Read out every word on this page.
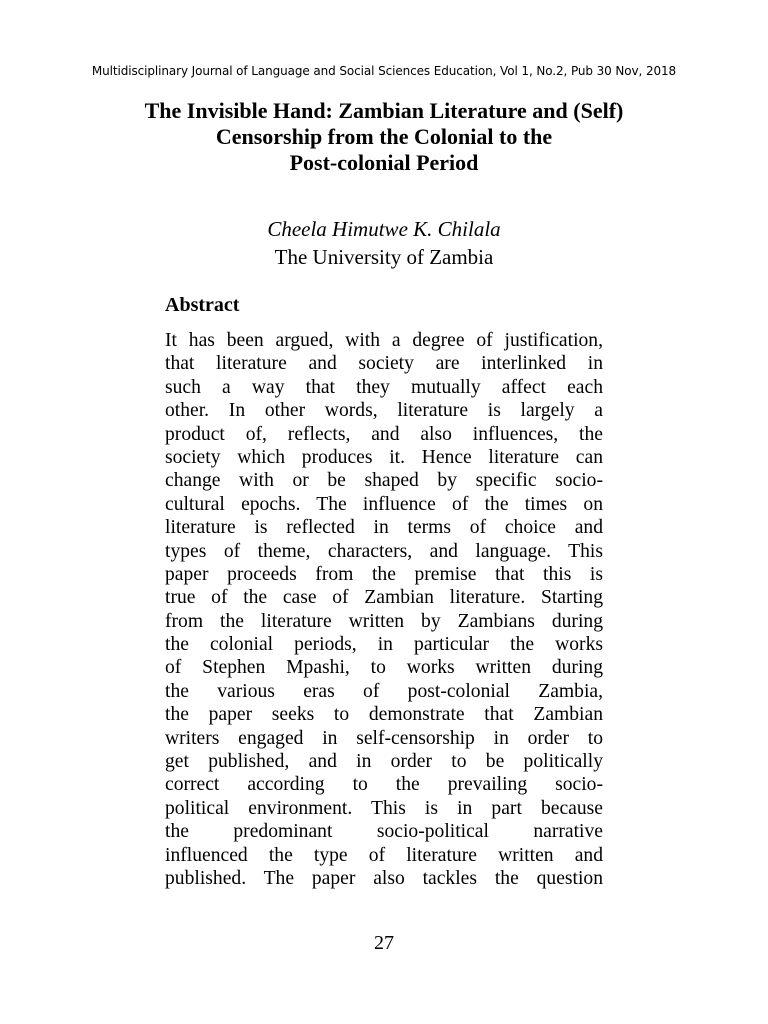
Multidisciplinary Journal of Language and Social Sciences Education, Vol 1, No.2, Pub 30 Nov, 2018
The Invisible Hand: Zambian Literature and (Self)
Censorship from the Colonial to the
Post-colonial Period
Cheela Himutwe K. Chilala
The University of Zambia
Abstract
It has been argued, with a degree of justification,
that literature and society are interlinked in
such a way that they mutually affect each
other. In other words, literature is largely a
product of, reflects, and also influences, the
society which produces it. Hence literature can
change with or be shaped by specific socio-
cultural epochs. The influence of the times on
literature is reflected in terms of choice and
types of theme, characters, and language. This
paper proceeds from the premise that this is
true of the case of Zambian literature. Starting
from the literature written by Zambians during
the colonial periods, in particular the works
of Stephen Mpashi, to works written during
the various eras of post-colonial Zambia,
the paper seeks to demonstrate that Zambian
writers engaged in self-censorship in order to
get published, and in order to be politically
correct according to the prevailing socio-
political environment. This is in part because
the predominant socio-political narrative
influenced the type of literature written and
published. The paper also tackles the question
27
